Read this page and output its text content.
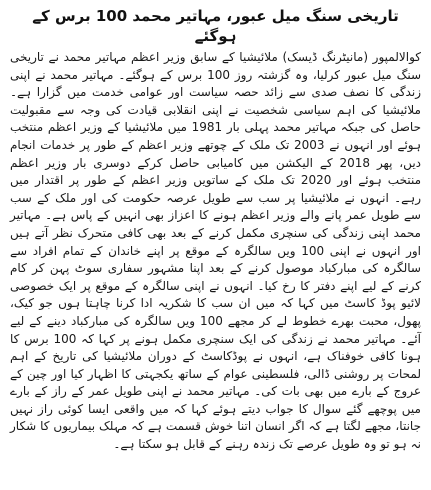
تاریخی سنگ میل عبور، مہاتیر محمد 100 برس کے ہوگئے

کوالالمپور (مانیٹرنگ ڈیسک) ملائیشیا کے سابق وزیر اعظم مہاتیر محمد نے تاریخی سنگ میل عبور کرلیا، وہ گزشتہ روز 100 برس کے ہوگئے۔ مہاتیر محمد نے اپنی زندگی کا نصف صدی سے زائد حصہ سیاست اور عوامی خدمت میں گزارا ہے۔ ملائیشیا کی اہم سیاسی شخصیت نے اپنی انقلابی قیادت کی وجہ سے مقبولیت حاصل کی جبکہ مہاتیر محمد پہلی بار 1981 میں ملائیشیا کے وزیر اعظم منتخب ہوئے اور انہوں نے 2003 تک ملک کے چوتھے وزیر اعظم کے طور پر خدمات انجام دیں، پھر 2018 کے الیکشن میں کامیابی حاصل کرکے دوسری بار وزیر اعظم منتخب ہوئے اور 2020 تک ملک کے ساتویں وزیر اعظم کے طور پر اقتدار میں رہے۔ انہوں نے ملائیشیا پر سب سے طویل عرصہ حکومت کی اور ملک کے سب سے طویل عمر پانے والے وزیر اعظم ہونے کا اعزاز بھی انہیں کے پاس ہے۔ مہاتیر محمد اپنی زندگی کی سنچری مکمل کرنے کے بعد بھی کافی متحرک نظر آتے ہیں اور انہوں نے اپنی 100 ویں سالگرہ کے موقع پر اپنے خاندان کے تمام افراد سے سالگرہ کی مبارکباد موصول کرنے کے بعد اپنا مشہور سفاری سوٹ پہن کر کام کرنے کے لیے اپنے دفتر کا رخ کیا۔ انہوں نے اپنی سالگرہ کے موقع پر ایک خصوصی لائیو پوڈ کاسٹ میں کہا کہ میں ان سب کا شکریہ ادا کرنا چاہتا ہوں جو کیک، پھول، محبت بھرے خطوط لے کر مجھے 100 ویں سالگرہ کی مبارکباد دینے کے لیے آئے۔ مہاتیر محمد نے زندگی کی ایک سنچری مکمل ہونے پر کہا کہ 100 برس کا ہونا کافی خوفناک ہے، انہوں نے پوڈکاسٹ کے دوران ملائیشیا کی تاریخ کے اہم لمحات پر روشنی ڈالی، فلسطینی عوام کے ساتھ یکجہتی کا اظہار کیا اور چین کے عروج کے بارے میں بھی بات کی۔ مہاتیر محمد نے اپنی طویل عمر کے راز کے بارے میں پوچھے گئے سوال کا جواب دیتے ہوئے کہا کہ میں واقعی ایسا کوئی راز نہیں جانتا، مجھے لگتا ہے کہ اگر انسان اتنا خوش قسمت ہے کہ مہلک بیماریوں کا شکار نہ ہو تو وہ طویل عرصے تک زندہ رہنے کے قابل ہو سکتا ہے۔
